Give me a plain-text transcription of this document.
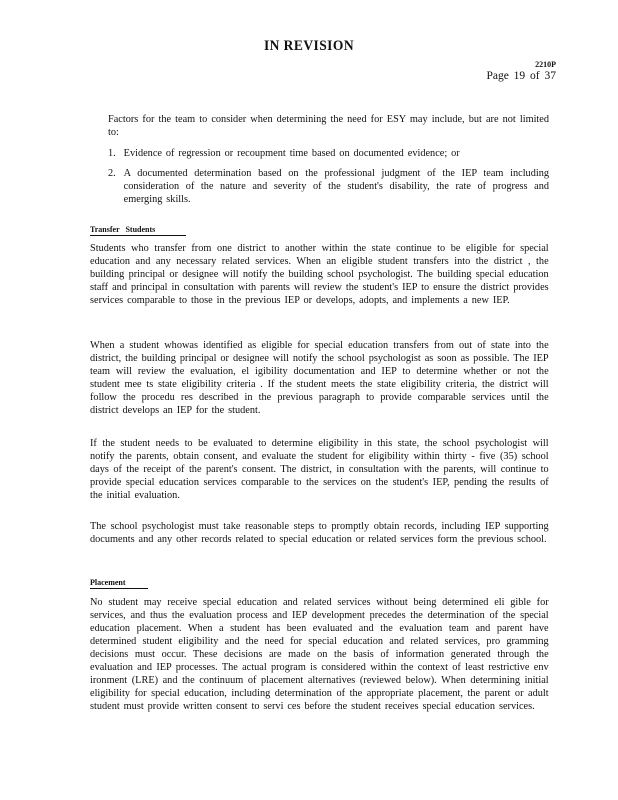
IN REVISION
2210P
Page 19 of 37
Factors for the team to consider when determining the need for ESY may include, but are not limited to:
1. Evidence of regression or recoupment time based on documented evidence; or
2. A documented determination based on the professional judgment of the IEP team including consideration of the nature and severity of the student's disability, the rate of progress and emerging skills.
Transfer Students
Students who transfer from one district to another within the state continue to be eligible for special education and any necessary related services. When an eligible student transfers into the district , the building principal or designee will notify the building school psychologist. The building special education staff and principal in consultation with parents will review the student's IEP to ensure the district provides services comparable to those in the previous IEP or develops, adopts, and implements a new IEP.
When a student whowas identified as eligible for special education transfers from out of state into the district, the building principal or designee will notify the school psychologist as soon as possible. The IEP team will review the evaluation, el igibility documentation and IEP to determine whether or not the student mee ts state eligibility criteria . If the student meets the state eligibility criteria, the district will follow the procedu res described in the previous paragraph to provide comparable services until the district develops an IEP for the student.
If the student needs to be evaluated to determine eligibility in this state, the school psychologist will notify the parents, obtain consent, and evaluate the student for eligibility within thirty - five (35) school days of the receipt of the parent's consent. The district, in consultation with the parents, will continue to provide special education services comparable to the services on the student's IEP, pending the results of the initial evaluation.
The school psychologist must take reasonable steps to promptly obtain records, including IEP supporting documents and any other records related to special education or related services form the previous school.
Placement
No student may receive special education and related services without being determined eli gible for services, and thus the evaluation process and IEP development precedes the determination of the special education placement. When a student has been evaluated and the evaluation team and parent have determined student eligibility and the need for special education and related services, pro gramming decisions must occur. These decisions are made on the basis of information generated through the evaluation and IEP processes. The actual program is considered within the context of least restrictive env ironment (LRE) and the continuum of placement alternatives (reviewed below). When determining initial eligibility for special education, including determination of the appropriate placement, the parent or adult student must provide written consent to servi ces before the student receives special education services.
